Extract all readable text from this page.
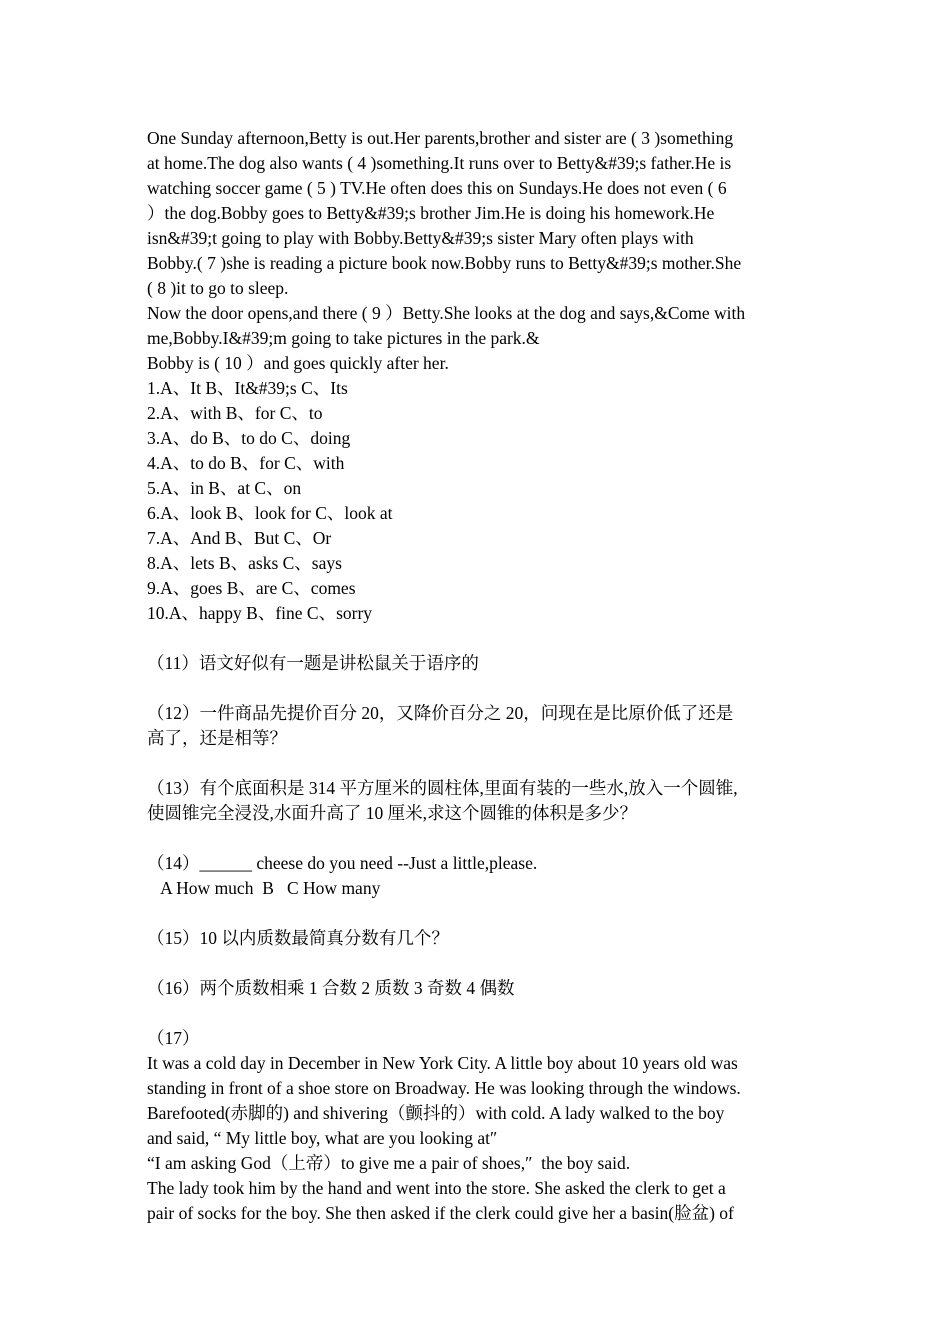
One Sunday afternoon,Betty is out.Her parents,brother and sister are ( 3 )something
at home.The dog also wants ( 4 )something.It runs over to Betty&#39;s father.He is
watching soccer game ( 5 ) TV.He often does this on Sundays.He does not even ( 6
）the dog.Bobby goes to Betty&#39;s brother Jim.He is doing his homework.He
isn&#39;t going to play with Bobby.Betty&#39;s sister Mary often plays with
Bobby.( 7 )she is reading a picture book now.Bobby runs to Betty&#39;s mother.She
( 8 )it to go to sleep.
Now the door opens,and there ( 9 ）Betty.She looks at the dog and says,&Come with
me,Bobby.I&#39;m going to take pictures in the park.&
Bobby is ( 10 ）and goes quickly after her.
1.A、It B、It&#39;s C、Its
2.A、with B、for C、to
3.A、do B、to do C、doing
4.A、to do B、for C、with
5.A、in B、at C、on
6.A、look B、look for C、look at
7.A、And B、But C、Or
8.A、lets B、asks C、says
9.A、goes B、are C、comes
10.A、happy B、fine C、sorry
（11）语文好似有一题是讲松鼠关于语序的
（12）一件商品先提价百分 20，又降价百分之 20，问现在是比原价低了还是
高了，还是相等？
（13）有个底面积是 314 平方厘米的圆柱体,里面有装的一些水,放入一个圆锥,
使圆锥完全浸没,水面升高了 10 厘米,求这个圆锥的体积是多少？
（14）______ cheese do you need --Just a little,please.
A How much  B   C How many
（15）10 以内质数最简真分数有几个？
（16）两个质数相乘 1 合数 2 质数 3 奇数 4 偶数
（17）
It was a cold day in December in New York City. A little boy about 10 years old was
standing in front of a shoe store on Broadway. He was looking through the windows.
Barefooted(赤脚的) and shivering（颤抖的）with cold. A lady walked to the boy
and said, “ My little boy, what are you looking at″
“I am asking God（上帝）to give me a pair of shoes,″  the boy said.
The lady took him by the hand and went into the store. She asked the clerk to get a
pair of socks for the boy. She then asked if the clerk could give her a basin(脸盆) of
